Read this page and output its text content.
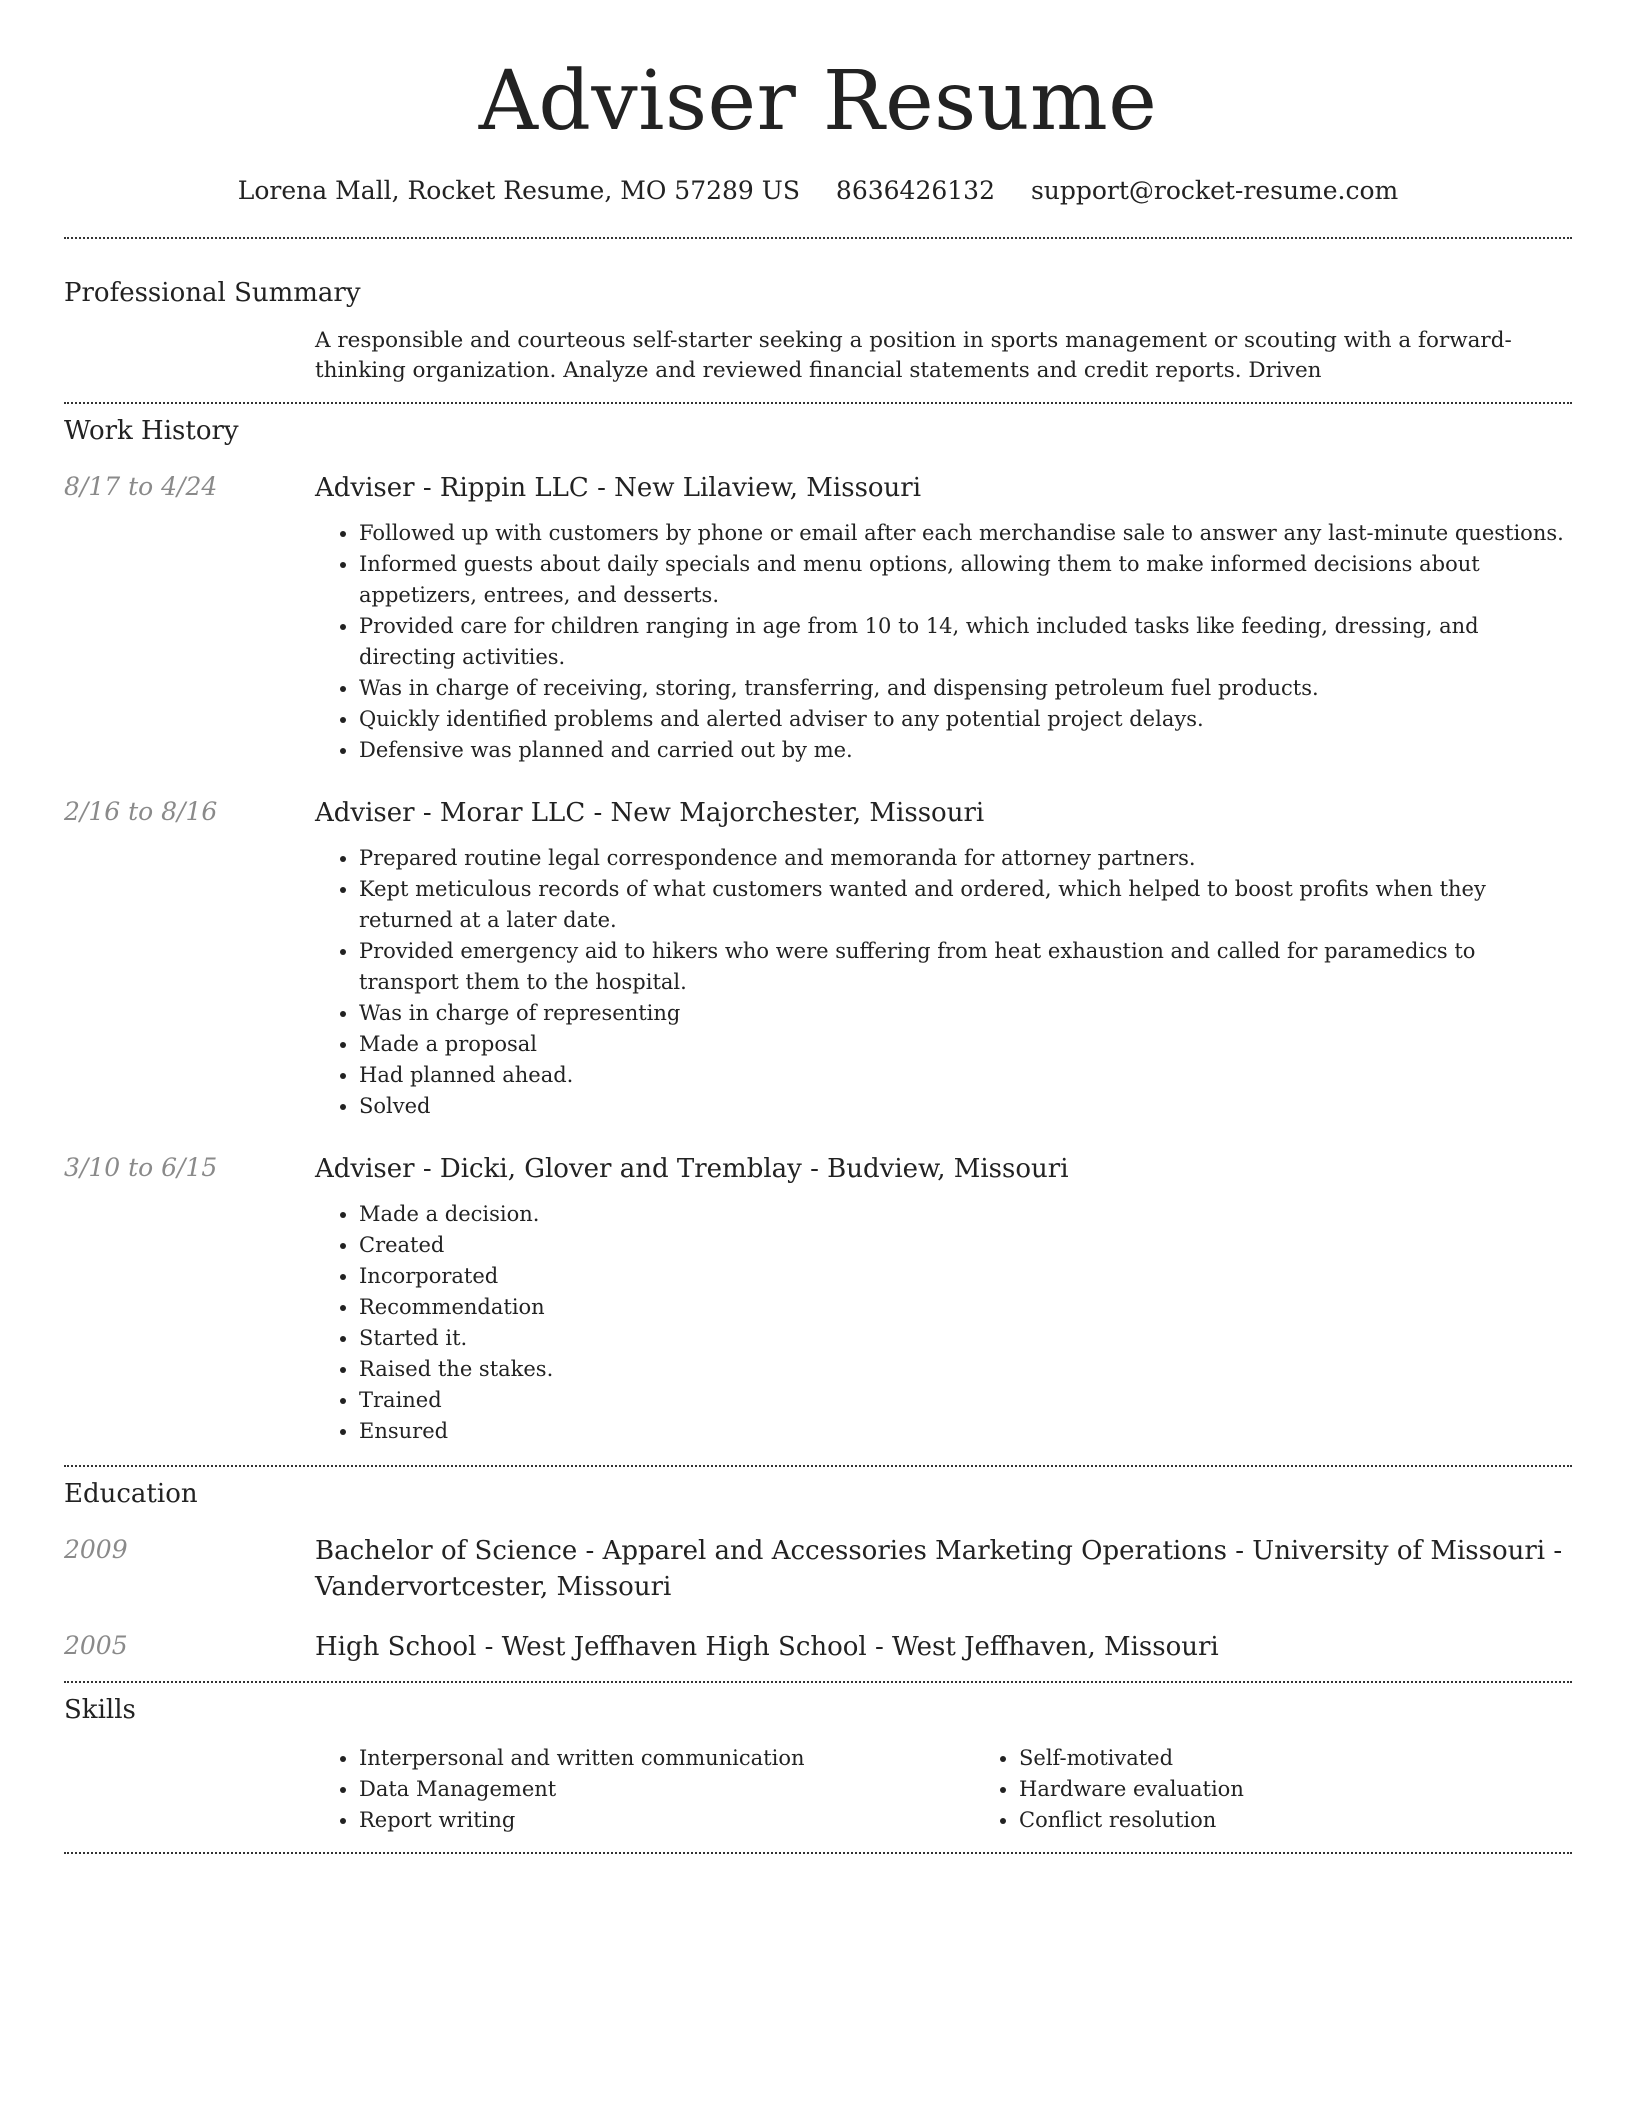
Adviser Resume
Lorena Mall, Rocket Resume, MO 57289 US 8636426132 support@rocket-resume.com
Professional Summary
A responsible and courteous self-starter seeking a position in sports management or scouting with a forward-thinking organization. Analyze and reviewed financial statements and credit reports. Driven
Work History
8/17 to 4/24	Adviser - Rippin LLC - New Lilaview, Missouri
• Followed up with customers by phone or email after each merchandise sale to answer any last-minute questions.
• Informed guests about daily specials and menu options, allowing them to make informed decisions about appetizers, entrees, and desserts.
• Provided care for children ranging in age from 10 to 14, which included tasks like feeding, dressing, and directing activities.
• Was in charge of receiving, storing, transferring, and dispensing petroleum fuel products.
• Quickly identified problems and alerted adviser to any potential project delays.
• Defensive was planned and carried out by me.
2/16 to 8/16	Adviser - Morar LLC - New Majorchester, Missouri
• Prepared routine legal correspondence and memoranda for attorney partners.
• Kept meticulous records of what customers wanted and ordered, which helped to boost profits when they returned at a later date.
• Provided emergency aid to hikers who were suffering from heat exhaustion and called for paramedics to transport them to the hospital.
• Was in charge of representing
• Made a proposal
• Had planned ahead.
• Solved
3/10 to 6/15	Adviser - Dicki, Glover and Tremblay - Budview, Missouri
• Made a decision.
• Created
• Incorporated
• Recommendation
• Started it.
• Raised the stakes.
• Trained
• Ensured
Education
2009	Bachelor of Science - Apparel and Accessories Marketing Operations - University of Missouri - Vandervortcester, Missouri
2005	High School - West Jeffhaven High School - West Jeffhaven, Missouri
Skills
• Interpersonal and written communication
• Data Management
• Report writing
• Self-motivated
• Hardware evaluation
• Conflict resolution
